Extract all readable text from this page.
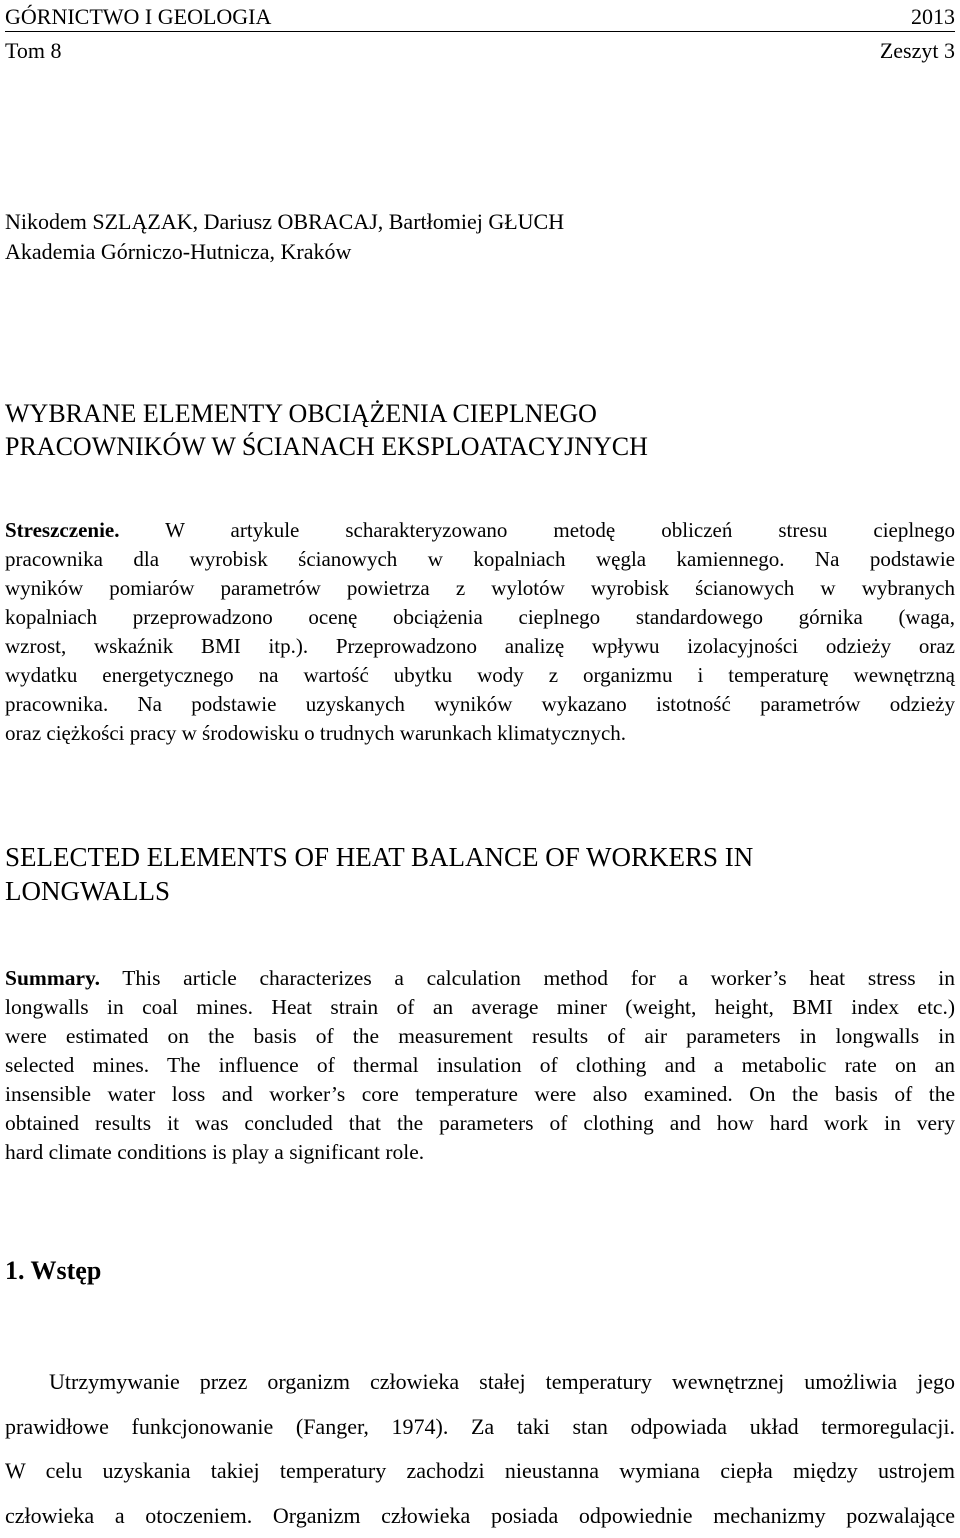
GÓRNICTWO I GEOLOGIA	2013
Tom 8	Zeszyt 3
Nikodem SZLĄZAK, Dariusz OBRACAJ, Bartłomiej GŁUCH
Akademia Górniczo-Hutnicza, Kraków
WYBRANE ELEMENTY OBCIĄŻENIA CIEPLNEGO
PRACOWNIKÓW W ŚCIANACH EKSPLOATACYJNYCH
Streszczenie. W artykule scharakteryzowano metodę obliczeń stresu cieplnego
pracownika dla wyrobisk ścianowych w kopalniach węgla kamiennego. Na podstawie
wyników pomiarów parametrów powietrza z wylotów wyrobisk ścianowych w wybranych
kopalniach przeprowadzono ocenę obciążenia cieplnego standardowego górnika (waga,
wzrost, wskaźnik BMI itp.). Przeprowadzono analizę wpływu izolacyjności odzieży oraz
wydatku energetycznego na wartość ubytku wody z organizmu i temperaturę wewnętrzną
pracownika. Na podstawie uzyskanych wyników wykazano istotność parametrów odzieży
oraz ciężkości pracy w środowisku o trudnych warunkach klimatycznych.
SELECTED ELEMENTS OF HEAT BALANCE OF WORKERS IN
LONGWALLS
Summary. This article characterizes a calculation method for a worker’s heat stress in
longwalls in coal mines. Heat strain of an average miner (weight, height, BMI index etc.)
were estimated on the basis of the measurement results of air parameters in longwalls in
selected mines. The influence of thermal insulation of clothing and a metabolic rate on an
insensible water loss and worker’s core temperature were also examined. On the basis of the
obtained results it was concluded that the parameters of clothing and how hard work in very
hard climate conditions is play a significant role.
1. Wstęp
Utrzymywanie przez organizm człowieka stałej temperatury wewnętrznej umożliwia jego
prawidłowe funkcjonowanie (Fanger, 1974). Za taki stan odpowiada układ termoregulacji.
W celu uzyskania takiej temperatury zachodzi nieustanna wymiana ciepła między ustrojem
człowieka a otoczeniem. Organizm człowieka posiada odpowiednie mechanizmy pozwalające
